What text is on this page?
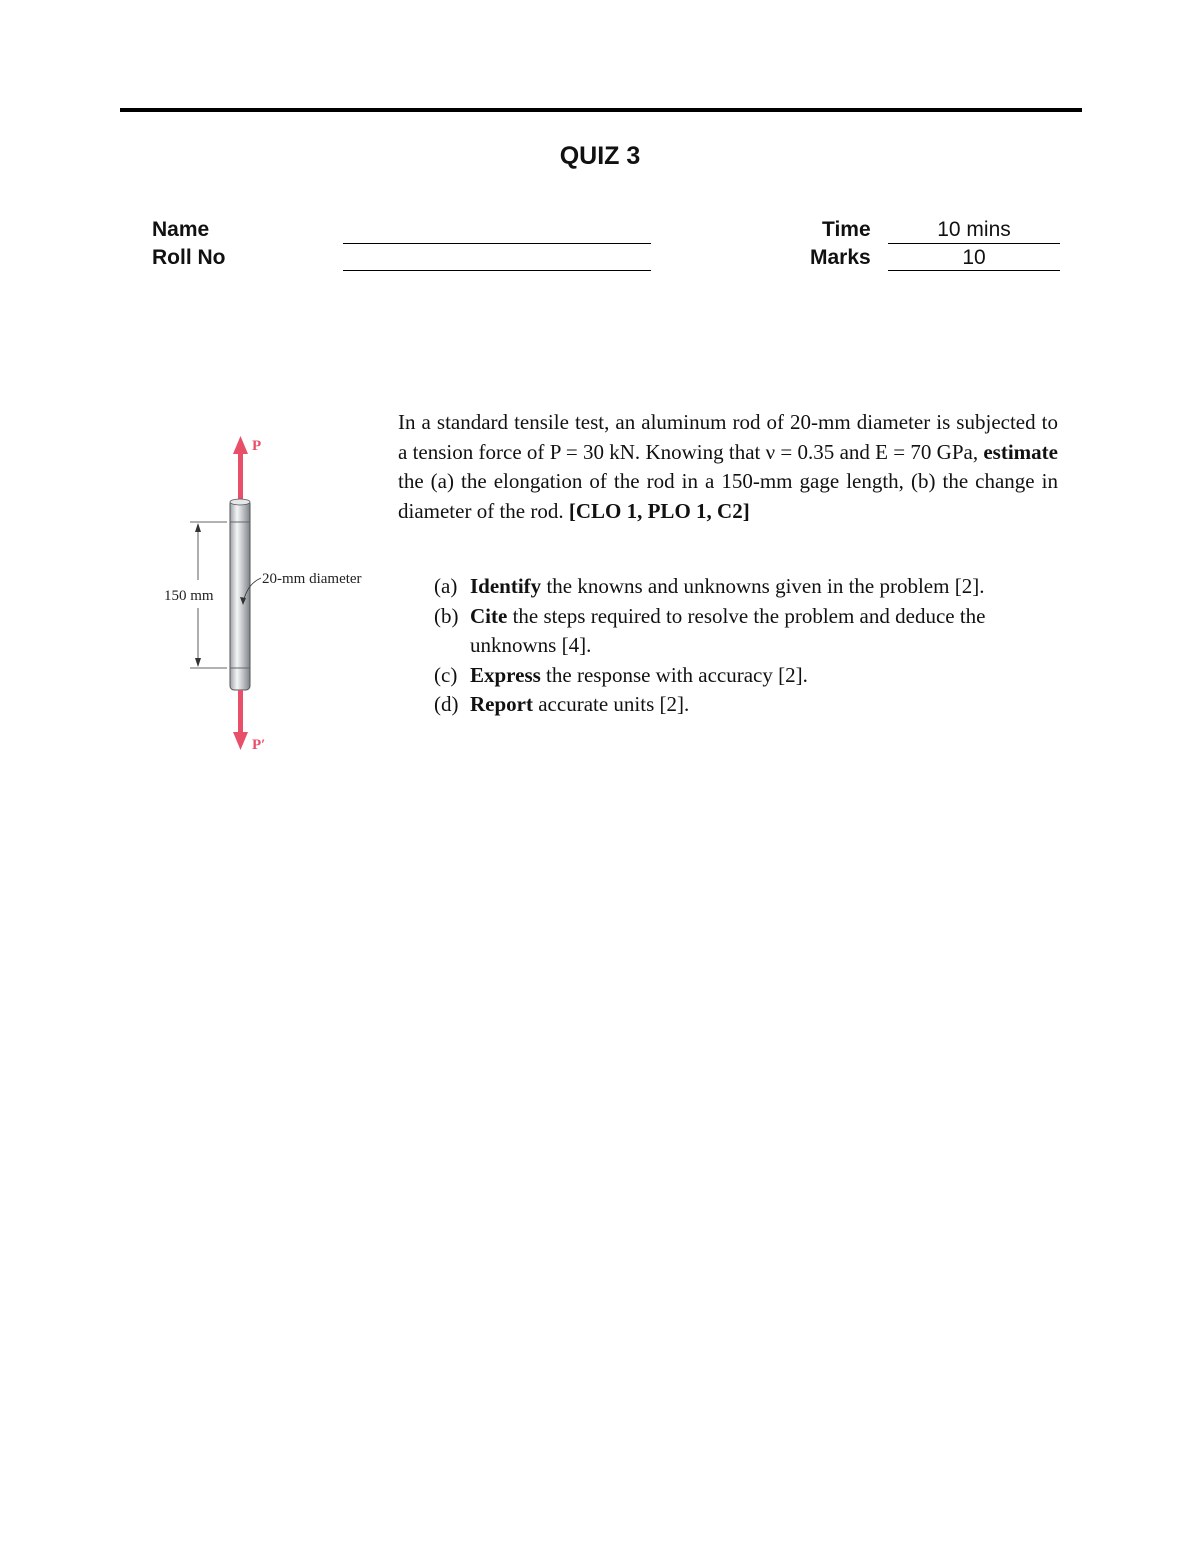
QUIZ 3
Name
Roll No
Time	10 mins
Marks	10
P
P′
150 mm
20-mm diameter
In a standard tensile test, an aluminum rod of 20-mm diameter is subjected to a tension force of P = 30 kN. Knowing that ν = 0.35 and E = 70 GPa, estimate the (a) the elongation of the rod in a 150-mm gage length, (b) the change in diameter of the rod. [CLO 1, PLO 1, C2]
(a) Identify the knowns and unknowns given in the problem [2].
(b) Cite the steps required to resolve the problem and deduce the unknowns [4].
(c) Express the response with accuracy [2].
(d) Report accurate units [2].
